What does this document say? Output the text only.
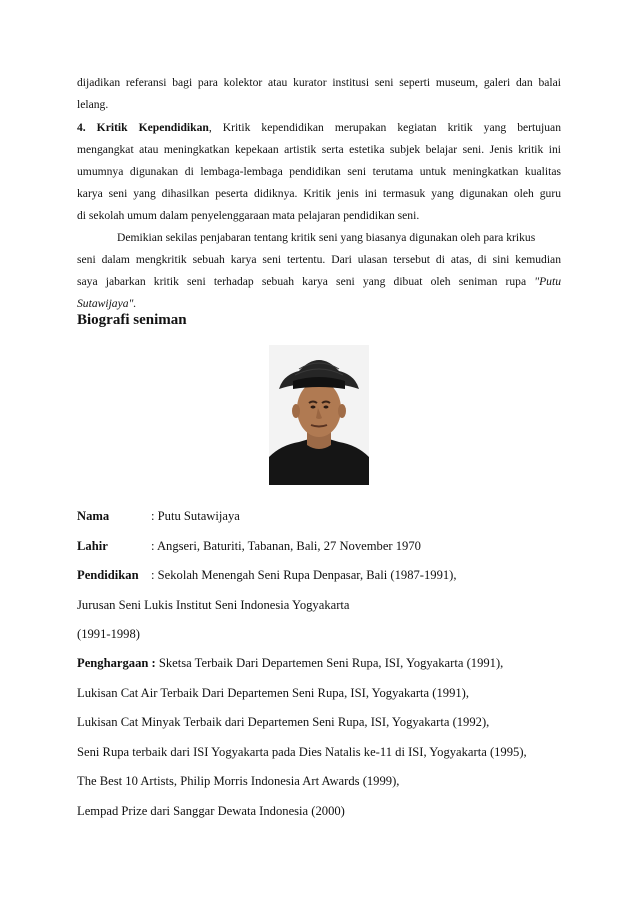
dijadikan referansi bagi para kolektor atau kurator institusi seni seperti museum, galeri dan balai
lelang.
4. Kritik Kependidikan, Kritik kependidikan merupakan kegiatan kritik yang bertujuan
mengangkat atau meningkatkan kepekaan artistik serta estetika subjek belajar seni. Jenis kritik ini
umumnya digunakan di lembaga-lembaga pendidikan seni terutama untuk meningkatkan kualitas
karya seni yang dihasilkan peserta didiknya. Kritik jenis ini termasuk yang digunakan oleh guru
di sekolah umum dalam penyelenggaraan mata pelajaran pendidikan seni.
Demikian sekilas penjabaran tentang kritik seni yang biasanya digunakan oleh para krikus
seni dalam mengkritik sebuah karya seni tertentu. Dari ulasan tersebut di atas, di sini kemudian
saya jabarkan kritik seni terhadap sebuah karya seni yang dibuat oleh seniman rupa "Putu
Sutawijaya".
Biografi seniman
Nama	: Putu Sutawijaya
Lahir	: Angseri, Baturiti, Tabanan, Bali, 27 November 1970
Pendidikan : Sekolah Menengah Seni Rupa Denpasar, Bali (1987-1991),
Jurusan Seni Lukis Institut Seni Indonesia Yogyakarta
(1991-1998)
Penghargaan : Sketsa Terbaik Dari Departemen Seni Rupa, ISI, Yogyakarta (1991),
Lukisan Cat Air Terbaik Dari Departemen Seni Rupa, ISI, Yogyakarta (1991),
Lukisan Cat Minyak Terbaik dari Departemen Seni Rupa, ISI, Yogyakarta (1992),
Seni Rupa terbaik dari ISI Yogyakarta pada Dies Natalis ke-11 di ISI, Yogyakarta (1995),
The Best 10 Artists, Philip Morris Indonesia Art Awards (1999),
Lempad Prize dari Sanggar Dewata Indonesia (2000)
